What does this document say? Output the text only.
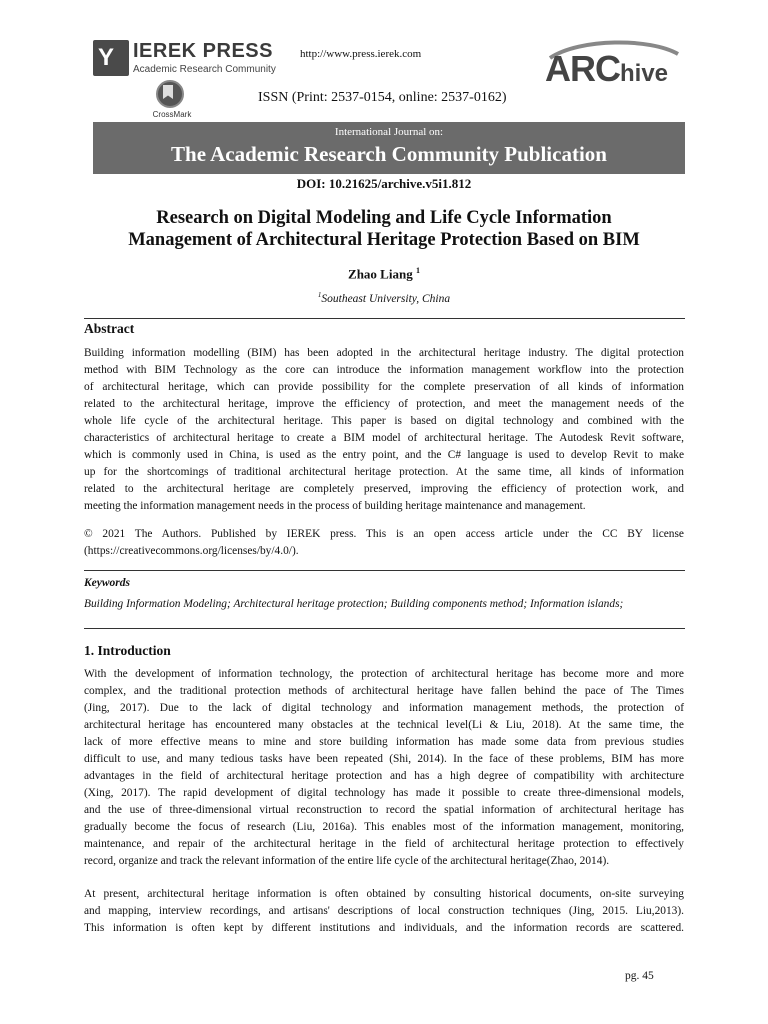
Y IEREK PRESS
Academic Research Community
CrossMark
http://www.press.ierek.com
ISSN (Print: 2537-0154, online: 2537-0162)
ARChive
International Journal on:
The Academic Research Community Publication
DOI: 10.21625/archive.v5i1.812
Research on Digital Modeling and Life Cycle Information
Management of Architectural Heritage Protection Based on BIM
Zhao Liang $^1$
$^1$Southeast University, China
Abstract
Building information modelling (BIM) has been adopted in the architectural heritage industry. The digital protection
method with BIM Technology as the core can introduce the information management workflow into the protection
of architectural heritage, which can provide possibility for the complete preservation of all kinds of information
related to the architectural heritage, improve the efficiency of protection, and meet the management needs of the
whole life cycle of the architectural heritage. This paper is based on digital technology and combined with the
characteristics of architectural heritage to create a BIM model of architectural heritage. The Autodesk Revit software,
which is commonly used in China, is used as the entry point, and the C# language is used to develop Revit to make
up for the shortcomings of traditional architectural heritage protection. At the same time, all kinds of information
related to the architectural heritage are completely preserved, improving the efficiency of protection work, and
meeting the information management needs in the process of building heritage maintenance and management.
© 2021 The Authors. Published by IEREK press. This is an open access article under the CC BY license
(https://creativecommons.org/licenses/by/4.0/).
Keywords
Building Information Modeling; Architectural heritage protection; Building components method; Information islands;
1. Introduction
With the development of information technology, the protection of architectural heritage has become more and more
complex, and the traditional protection methods of architectural heritage have fallen behind the pace of The Times
(Jing, 2017). Due to the lack of digital technology and information management methods, the protection of
architectural heritage has encountered many obstacles at the technical level(Li & Liu, 2018). At the same time, the
lack of more effective means to mine and store building information has made some data from previous studies
difficult to use, and many tedious tasks have been repeated (Shi, 2014). In the face of these problems, BIM has more
advantages in the field of architectural heritage protection and has a high degree of compatibility with architecture
(Xing, 2017). The rapid development of digital technology has made it possible to create three-dimensional models,
and the use of three-dimensional virtual reconstruction to record the spatial information of architectural heritage has
gradually become the focus of research (Liu, 2016a). This enables most of the information management, monitoring,
maintenance, and repair of the architectural heritage in the field of architectural heritage protection to effectively
record, organize and track the relevant information of the entire life cycle of the architectural heritage(Zhao, 2014).
At present, architectural heritage information is often obtained by consulting historical documents, on-site surveying
and mapping, interview recordings, and artisans' descriptions of local construction techniques (Jing, 2015. Liu,2013).
This information is often kept by different institutions and individuals, and the information records are scattered.
pg. 45
